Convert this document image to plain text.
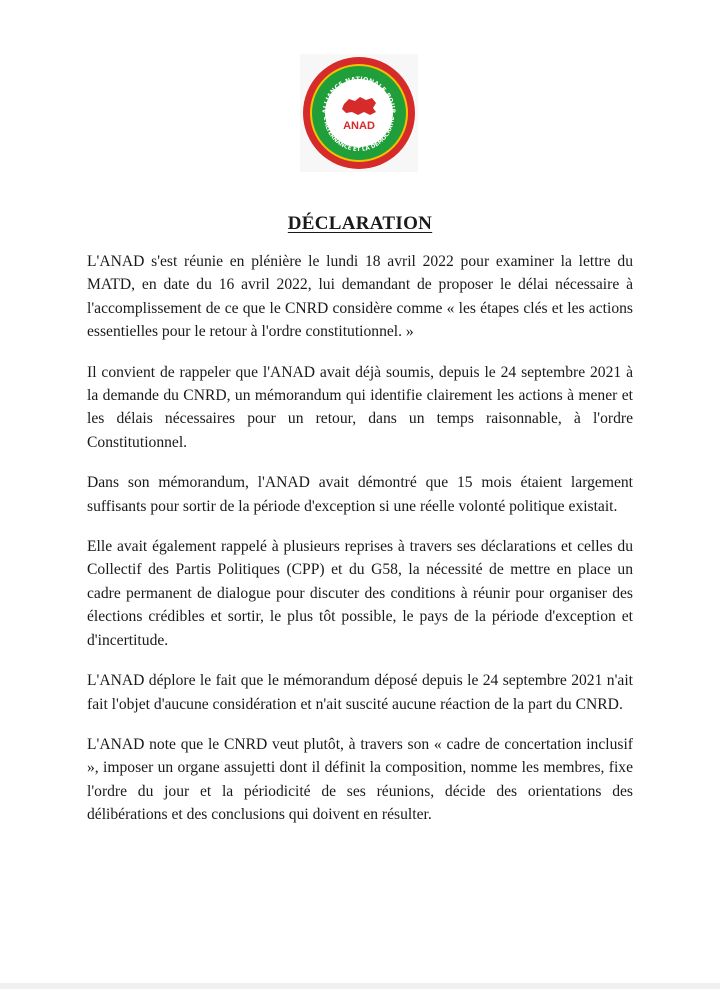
ALLIANCE NATIONALE POUR
L'ALTERNANCE ET LA DÉMOCRATIE
ANAD
DÉCLARATION

L'ANAD s'est réunie en plénière le lundi 18 avril 2022 pour examiner la lettre du MATD, en date du 16 avril 2022, lui demandant de proposer le délai nécessaire à l'accomplissement de ce que le CNRD considère comme « les étapes clés et les actions essentielles pour le retour à l'ordre constitutionnel. »

Il convient de rappeler que l'ANAD avait déjà soumis, depuis le 24 septembre 2021 à la demande du CNRD, un mémorandum qui identifie clairement les actions à mener et les délais nécessaires pour un retour, dans un temps raisonnable, à l'ordre Constitutionnel.

Dans son mémorandum, l'ANAD avait démontré que 15 mois étaient largement suffisants pour sortir de la période d'exception si une réelle volonté politique existait.

Elle avait également rappelé à plusieurs reprises à travers ses déclarations et celles du Collectif des Partis Politiques (CPP) et du G58, la nécessité de mettre en place un cadre permanent de dialogue pour discuter des conditions à réunir pour organiser des élections crédibles et sortir, le plus tôt possible, le pays de la période d'exception et d'incertitude.

L'ANAD déplore le fait que le mémorandum déposé depuis le 24 septembre 2021 n'ait fait l'objet d'aucune considération et n'ait suscité aucune réaction de la part du CNRD.

L'ANAD note que le CNRD veut plutôt, à travers son « cadre de concertation inclusif », imposer un organe assujetti dont il définit la composition, nomme les membres, fixe l'ordre du jour et la périodicité de ses réunions, décide des orientations des délibérations et des conclusions qui doivent en résulter.
